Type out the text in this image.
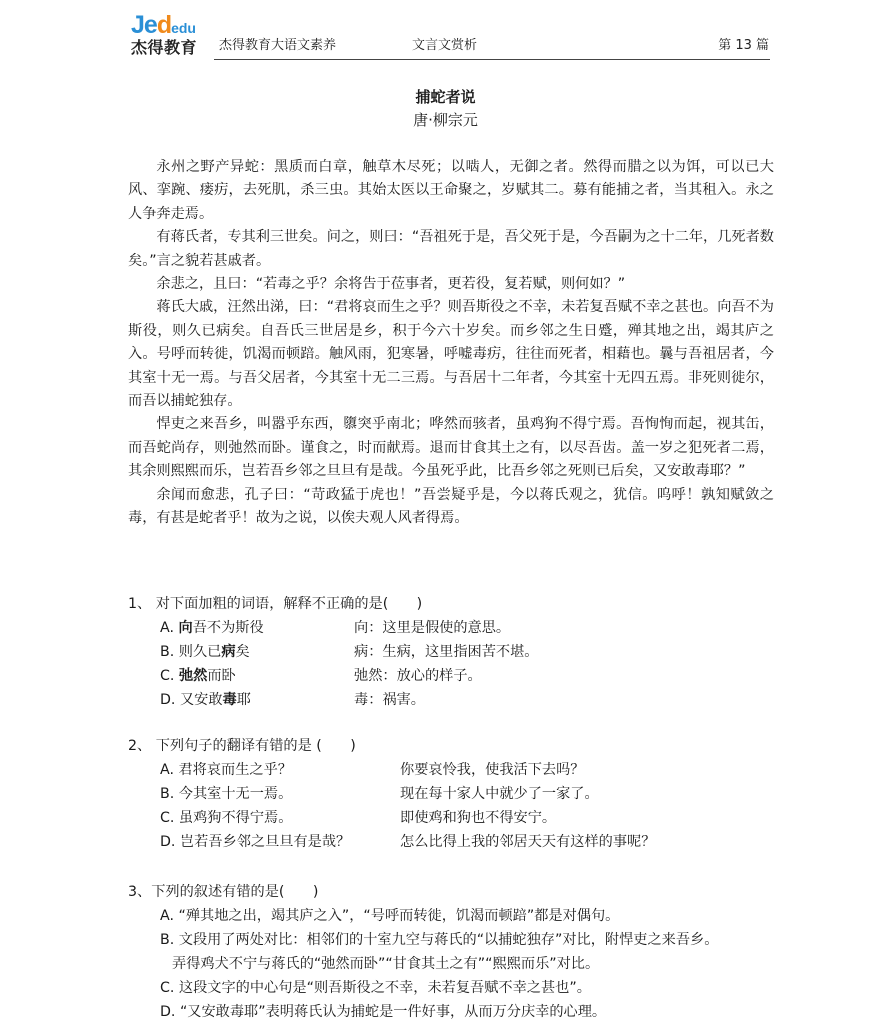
Jededu
杰得教育 杰得教育大语文素养	文言文赏析	第 13 篇
捕蛇者说
唐·柳宗元

永州之野产异蛇：黑质而白章，触草木尽死；以啮人，无御之者。然得而腊之以为饵，可以已大风、挛踠、瘘疠，去死肌，杀三虫。其始太医以王命聚之，岁赋其二。募有能捕之者，当其租入。永之人争奔走焉。

有蒋氏者，专其利三世矣。问之，则曰：“吾祖死于是，吾父死于是，今吾嗣为之十二年，几死者数矣。”言之貌若甚戚者。

余悲之，且曰：“若毒之乎？余将告于莅事者，更若役，复若赋，则何如？”

蒋氏大戚，汪然出涕，曰：“君将哀而生之乎？则吾斯役之不幸，未若复吾赋不幸之甚也。向吾不为斯役，则久已病矣。自吾氏三世居是乡，积于今六十岁矣。而乡邻之生日蹙，殚其地之出，竭其庐之入。号呼而转徙，饥渴而顿踣。触风雨，犯寒暑，呼嘘毒疠，往往而死者，相藉也。曩与吾祖居者，今其室十无一焉。与吾父居者，今其室十无二三焉。与吾居十二年者，今其室十无四五焉。非死则徙尔，而吾以捕蛇独存。

悍吏之来吾乡，叫嚣乎东西，隳突乎南北；哗然而骇者，虽鸡狗不得宁焉。吾恂恂而起，视其缶，而吾蛇尚存，则弛然而卧。谨食之，时而献焉。退而甘食其土之有，以尽吾齿。盖一岁之犯死者二焉，其余则熙熙而乐，岂若吾乡邻之旦旦有是哉。今虽死乎此，比吾乡邻之死则已后矣，又安敢毒耶？”

余闻而愈悲，孔子曰：“苛政猛于虎也！”吾尝疑乎是，今以蒋氏观之，犹信。呜呼！孰知赋敛之毒，有甚是蛇者乎！故为之说，以俟夫观人风者得焉。

1、 对下面加粗的词语，解释不正确的是(　　)

A. 向吾不为斯役	向：这里是假使的意思。
B. 则久已病矣	病：生病，这里指困苦不堪。
C. 弛然而卧	弛然：放心的样子。
D. 又安敢毒耶	毒：祸害。

2、 下列句子的翻译有错的是 (　　)

A. 君将哀而生之乎？	你要哀怜我，使我活下去吗？
B. 今其室十无一焉。	现在每十家人中就少了一家了。
C. 虽鸡狗不得宁焉。	即使鸡和狗也不得安宁。
D. 岂若吾乡邻之旦旦有是哉？	怎么比得上我的邻居天天有这样的事呢？

3、下列的叙述有错的是(　　)

A. “殚其地之出，竭其庐之入”，“号呼而转徙，饥渴而顿踣”都是对偶句。

B. 文段用了两处对比：相邻们的十室九空与蒋氏的“以捕蛇独存”对比，附悍吏之来吾乡。

弄得鸡犬不宁与蒋氏的“弛然而卧”“甘食其土之有”“熙熙而乐”对比。

C. 这段文字的中心句是“则吾斯役之不幸，未若复吾赋不幸之甚也”。

D. “又安敢毒耶”表明蒋氏认为捕蛇是一件好事，从而万分庆幸的心理。
